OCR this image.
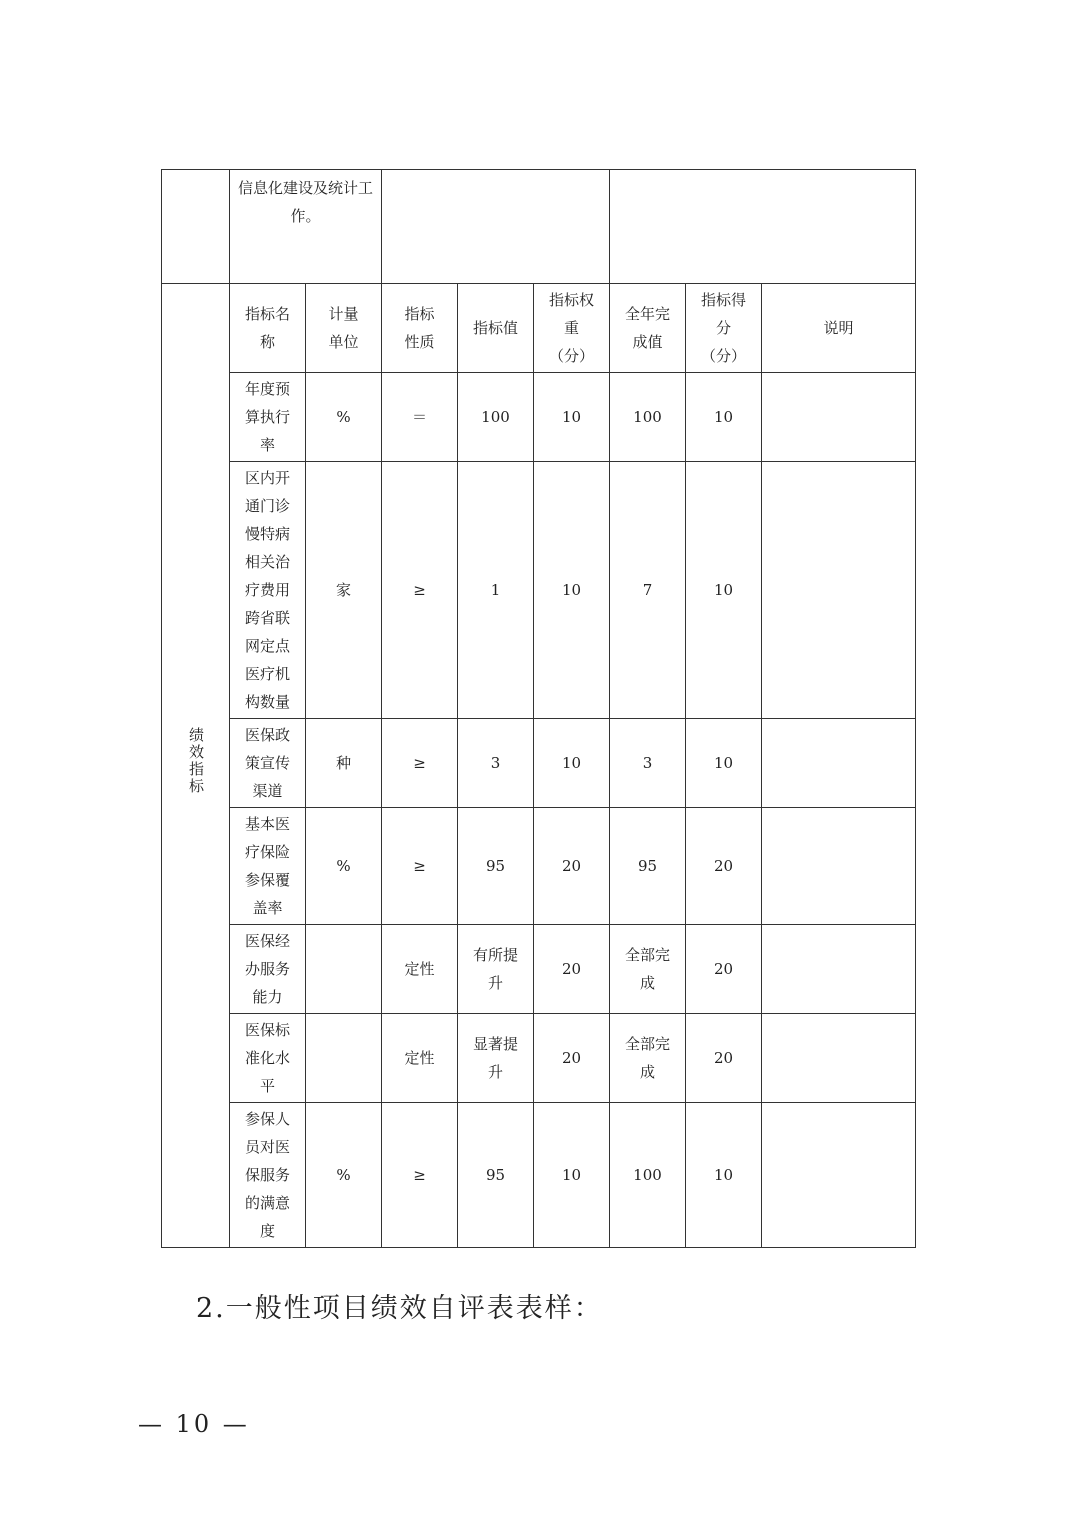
	信息化建设及统计工作。							
绩效指标	指标名称	计量单位	指标性质	指标值	指标权重（分）	全年完成值	指标得分（分）	说明

	年度预算执行率	%	＝	100	10	100	10	
	区内开通门诊慢特病相关治疗费用跨省联网定点医疗机构数量	家	≥	1	10	7	10	
	医保政策宣传渠道	种	≥	3	10	3	10	
	基本医疗保险参保覆盖率	%	≥	95	20	95	20	
	医保经办服务能力		定性	有所提升	20	全部完成	20	
	医保标准化水平		定性	显著提升	20	全部完成	20	
	参保人员对医保服务的满意度	%	≥	95	10	100	10	
2.一般性项目绩效自评表表样：
— 10 —
